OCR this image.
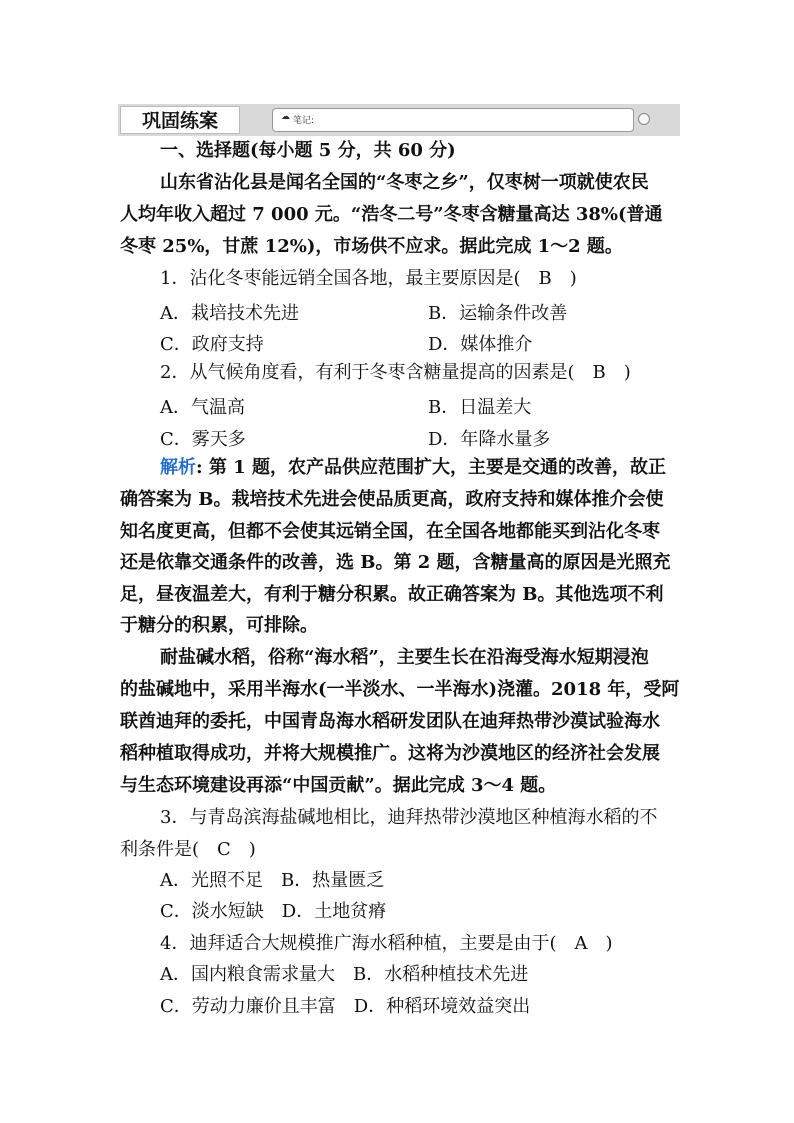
巩固练案	☁ 笔记:
一、选择题(每小题 5 分，共 60 分)
山东省沾化县是闻名全国的“冬枣之乡”，仅枣树一项就使农民
人均年收入超过 7 000 元。“浩冬二号”冬枣含糖量高达 38%(普通
冬枣 25%，甘蔗 12%)，市场供不应求。据此完成 1～2 题。
1．沾化冬枣能远销全国各地，最主要原因是(　B　)
A．栽培技术先进	B．运输条件改善
C．政府支持	D．媒体推介
2．从气候角度看，有利于冬枣含糖量提高的因素是(　B　)
A．气温高	B．日温差大
C．雾天多	D．年降水量多
解析: 第 1 题，农产品供应范围扩大，主要是交通的改善，故正
确答案为 B。栽培技术先进会使品质更高，政府支持和媒体推介会使
知名度更高，但都不会使其远销全国，在全国各地都能买到沾化冬枣
还是依靠交通条件的改善，选 B。第 2 题，含糖量高的原因是光照充
足，昼夜温差大，有利于糖分积累。故正确答案为 B。其他选项不利
于糖分的积累，可排除。
耐盐碱水稻，俗称“海水稻”，主要生长在沿海受海水短期浸泡
的盐碱地中，采用半海水(一半淡水、一半海水)浇灌。2018 年，受阿
联酋迪拜的委托，中国青岛海水稻研发团队在迪拜热带沙漠试验海水
稻种植取得成功，并将大规模推广。这将为沙漠地区的经济社会发展
与生态环境建设再添“中国贡献”。据此完成 3～4 题。
3．与青岛滨海盐碱地相比，迪拜热带沙漠地区种植海水稻的不
利条件是(　C　)
A．光照不足　B．热量匮乏
C．淡水短缺　D．土地贫瘠
4．迪拜适合大规模推广海水稻种植，主要是由于(　A　)
A．国内粮食需求量大　B．水稻种植技术先进
C．劳动力廉价且丰富　D．种稻环境效益突出
